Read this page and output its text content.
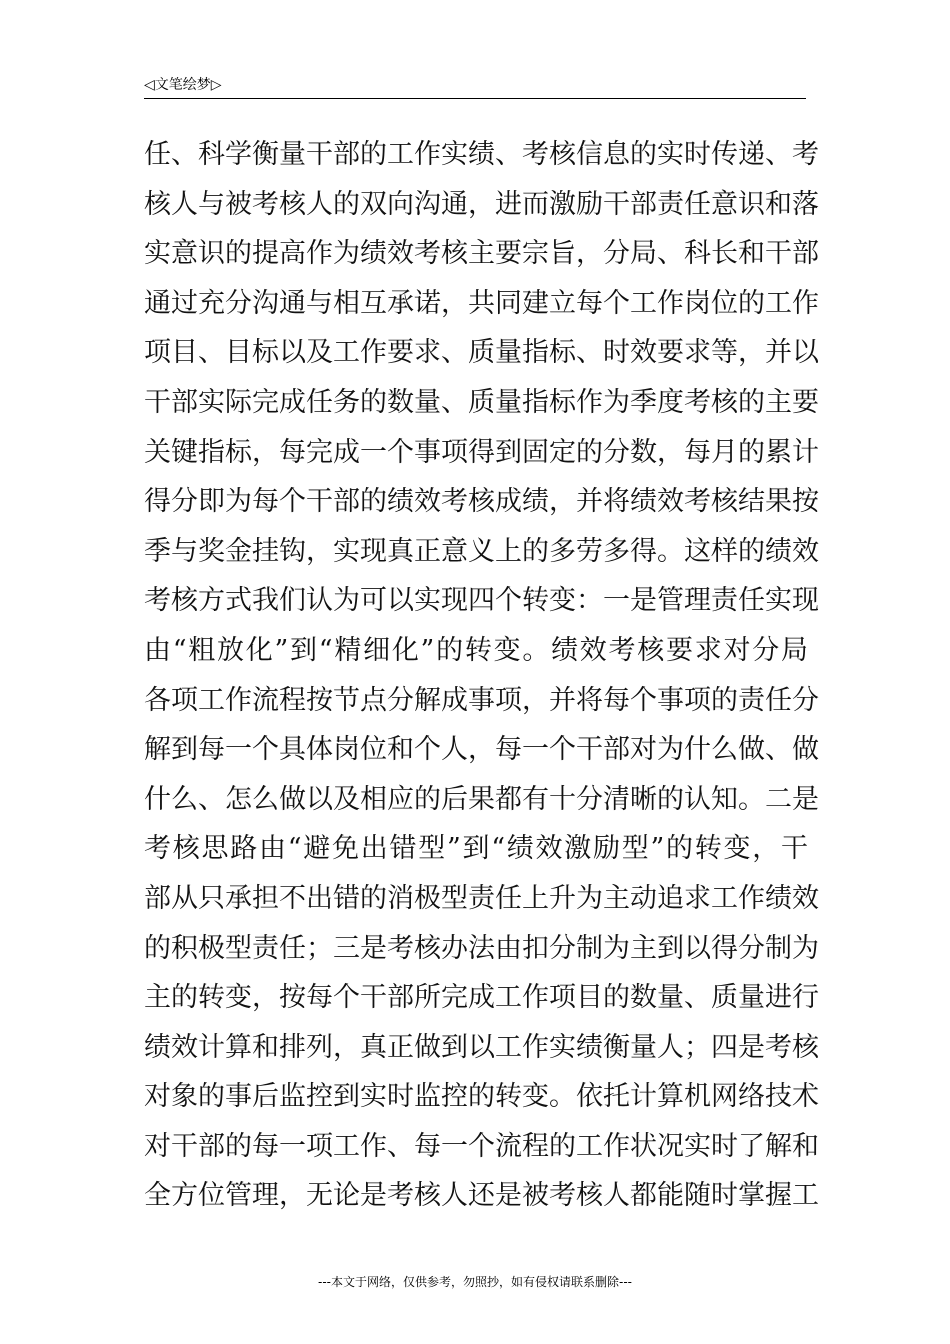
◁文笔绘梦▷
任、科学衡量干部的工作实绩、考核信息的实时传递、考
核人与被考核人的双向沟通，进而激励干部责任意识和落
实意识的提高作为绩效考核主要宗旨，分局、科长和干部
通过充分沟通与相互承诺，共同建立每个工作岗位的工作
项目、目标以及工作要求、质量指标、时效要求等，并以
干部实际完成任务的数量、质量指标作为季度考核的主要
关键指标，每完成一个事项得到固定的分数，每月的累计
得分即为每个干部的绩效考核成绩，并将绩效考核结果按
季与奖金挂钩，实现真正意义上的多劳多得。这样的绩效
考核方式我们认为可以实现四个转变：一是管理责任实现
由“粗放化”到“精细化”的转变。绩效考核要求对分局
各项工作流程按节点分解成事项，并将每个事项的责任分
解到每一个具体岗位和个人，每一个干部对为什么做、做
什么、怎么做以及相应的后果都有十分清晰的认知。二是
考核思路由“避免出错型”到“绩效激励型”的转变，干
部从只承担不出错的消极型责任上升为主动追求工作绩效
的积极型责任；三是考核办法由扣分制为主到以得分制为
主的转变，按每个干部所完成工作项目的数量、质量进行
绩效计算和排列，真正做到以工作实绩衡量人；四是考核
对象的事后监控到实时监控的转变。依托计算机网络技术
对干部的每一项工作、每一个流程的工作状况实时了解和
全方位管理，无论是考核人还是被考核人都能随时掌握工
---本文于网络，仅供参考，勿照抄，如有侵权请联系删除---
